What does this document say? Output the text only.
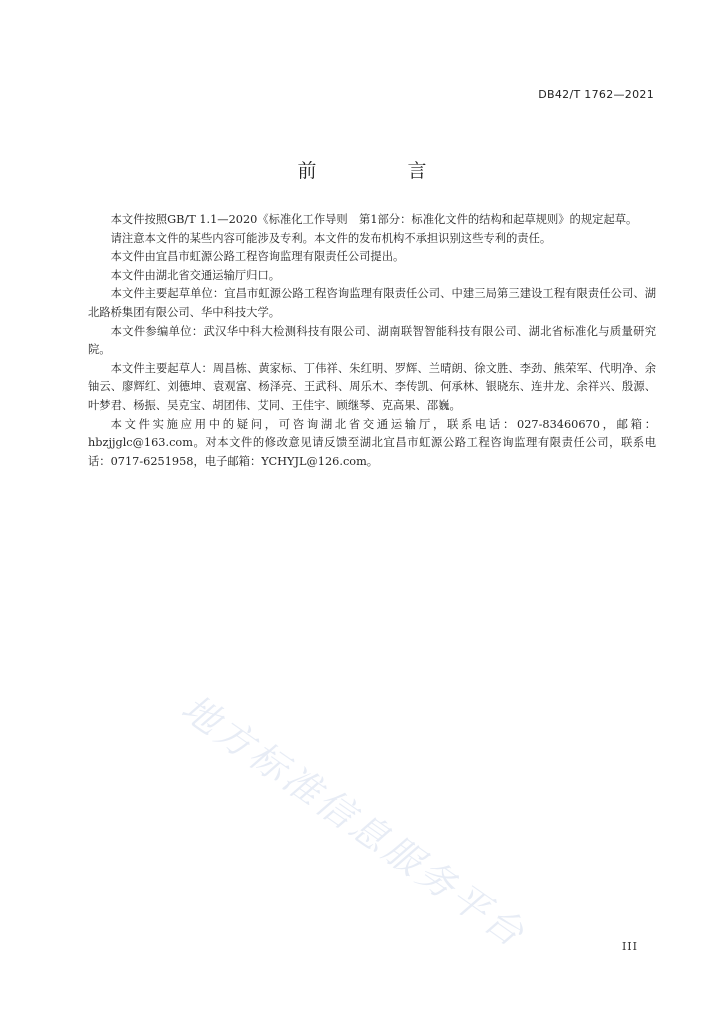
DB42/T 1762—2021
前　言

本文件按照GB/T 1.1—2020《标准化工作导则　第1部分：标准化文件的结构和起草规则》的规定起草。

请注意本文件的某些内容可能涉及专利。本文件的发布机构不承担识别这些专利的责任。

本文件由宜昌市虹源公路工程咨询监理有限责任公司提出。

本文件由湖北省交通运输厅归口。

本文件主要起草单位：宜昌市虹源公路工程咨询监理有限责任公司、中建三局第三建设工程有限责任公司、湖北路桥集团有限公司、华中科技大学。

本文件参编单位：武汉华中科大检测科技有限公司、湖南联智智能科技有限公司、湖北省标准化与质量研究院。

本文件主要起草人：周昌栋、黄家标、丁伟祥、朱红明、罗辉、兰晴朗、徐文胜、李劲、熊荣军、代明净、余铀云、廖辉红、刘德坤、袁观富、杨泽亮、王武科、周乐木、李传凯、何承林、银晓东、连井龙、余祥兴、殷源、叶梦君、杨振、吴克宝、胡团伟、艾同、王佳宇、顾继琴、克高果、邵巍。

本文件实施应用中的疑问，可咨询湖北省交通运输厅，联系电话：027-83460670，邮箱：hbzjjglc@163.com。对本文件的修改意见请反馈至湖北宜昌市虹源公路工程咨询监理有限责任公司，联系电话：0717-6251958，电子邮箱：YCHYJL@126.com。

地方标准信息服务平台	III
